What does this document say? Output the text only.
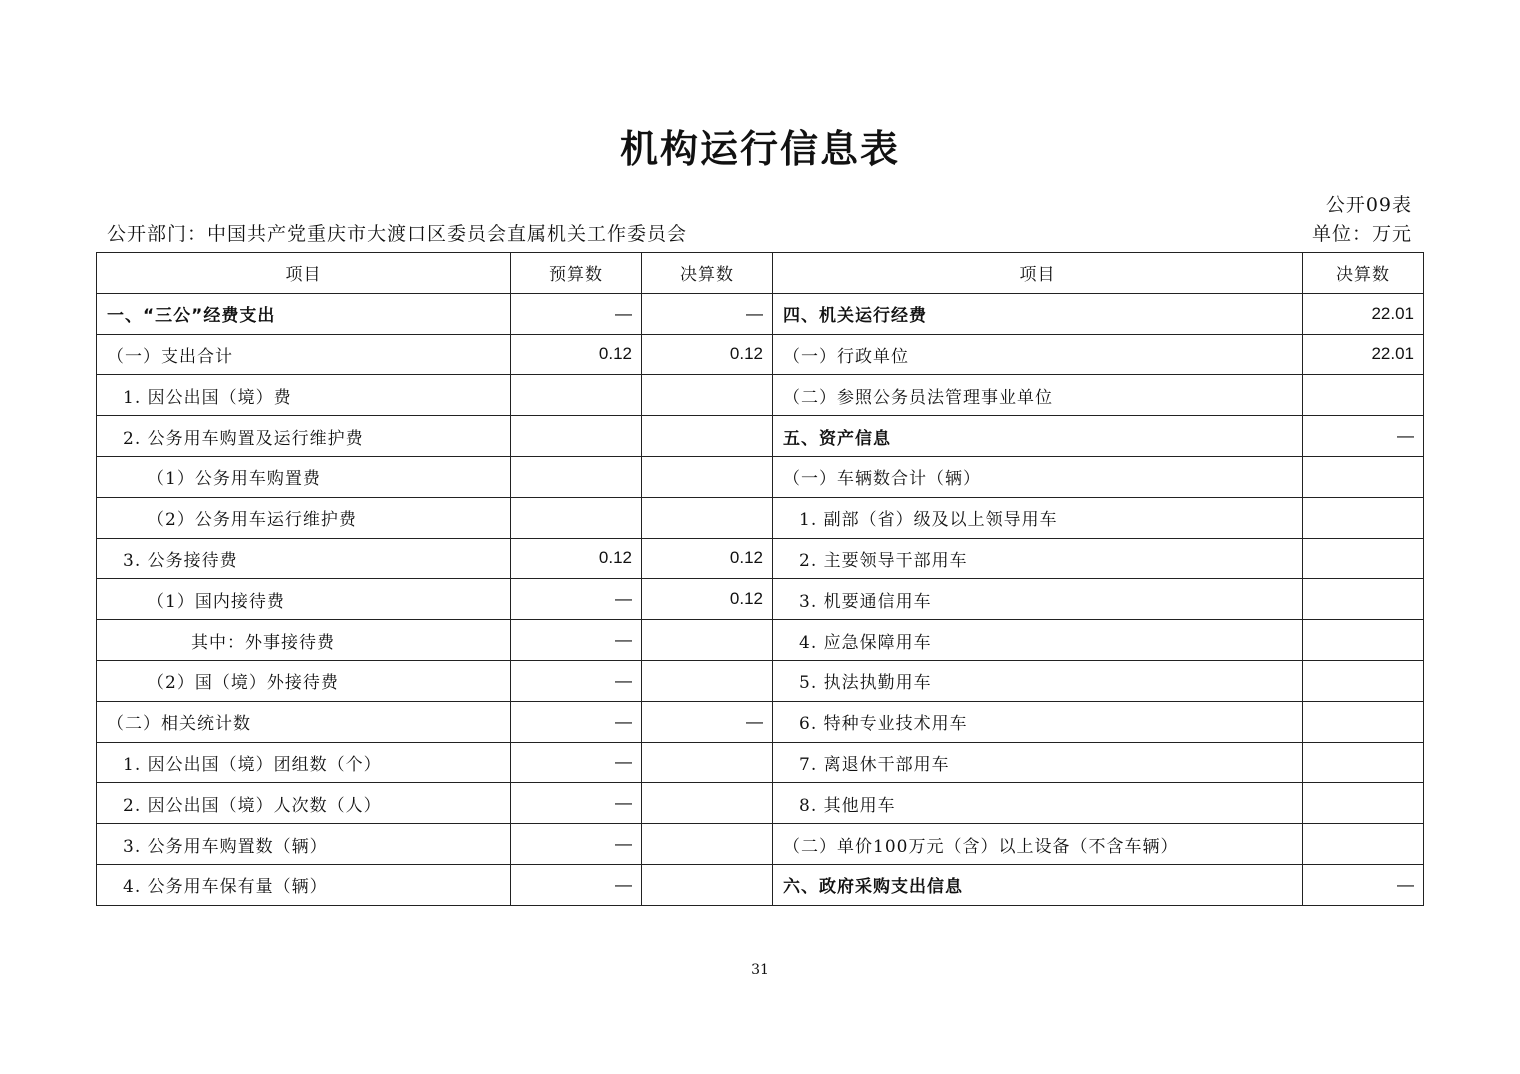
机构运行信息表
公开09表
公开部门：中国共产党重庆市大渡口区委员会直属机关工作委员会	单位：万元
项目	预算数	决算数	项目	决算数
一、“三公”经费支出	—	—	四、机关运行经费	22.01
（一）支出合计	0.12	0.12	（一）行政单位	22.01
1. 因公出国（境）费			（二）参照公务员法管理事业单位	
2. 公务用车购置及运行维护费			五、资产信息	—
（1）公务用车购置费			（一）车辆数合计（辆）	
（2）公务用车运行维护费			1. 副部（省）级及以上领导用车	
3. 公务接待费	0.12	0.12	2. 主要领导干部用车	
（1）国内接待费	—	0.12	3. 机要通信用车	
其中：外事接待费	—		4. 应急保障用车	
（2）国（境）外接待费	—		5. 执法执勤用车	
（二）相关统计数	—	—	6. 特种专业技术用车	
1. 因公出国（境）团组数（个）	—		7. 离退休干部用车	
2. 因公出国（境）人次数（人）	—		8. 其他用车	
3. 公务用车购置数（辆）	—		（二）单价100万元（含）以上设备（不含车辆）	
4. 公务用车保有量（辆）	—		六、政府采购支出信息	—
31
